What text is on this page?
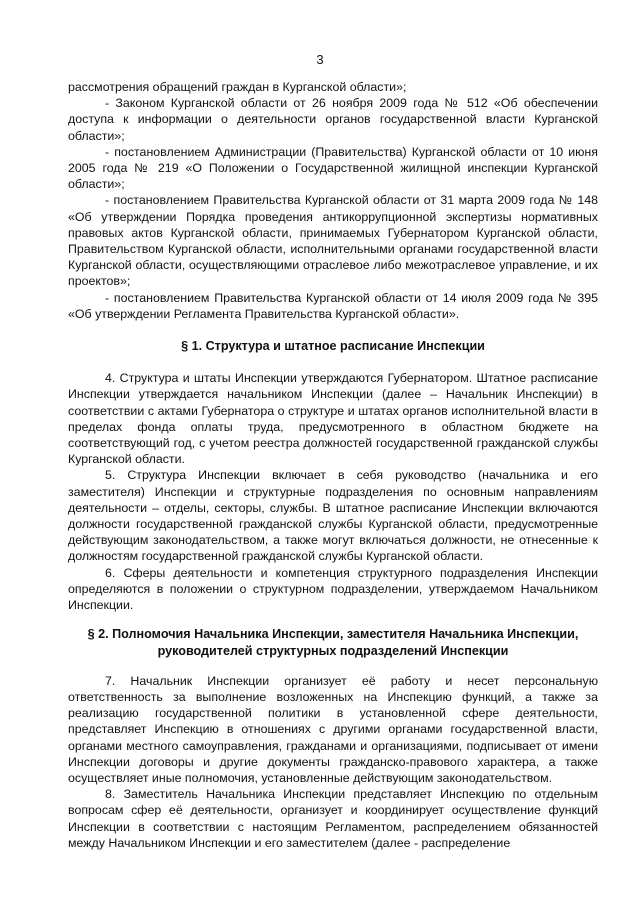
3

рассмотрения обращений граждан в Курганской области»;

- Законом Курганской области от 26 ноября 2009 года № 512 «Об обеспечении доступа к информации о деятельности органов государственной власти Курганской области»;

- постановлением Администрации (Правительства) Курганской области от 10 июня 2005 года № 219 «О Положении о Государственной жилищной инспекции Курганской области»;

- постановлением Правительства Курганской области от 31 марта 2009 года № 148 «Об утверждении Порядка проведения антикоррупционной экспертизы нормативных правовых актов Курганской области, принимаемых Губернатором Курганской области, Правительством Курганской области, исполнительными органами государственной власти Курганской области, осуществляющими отраслевое либо межотраслевое управление, и их проектов»;

- постановлением Правительства Курганской области от 14 июля 2009 года № 395 «Об утверждении Регламента Правительства Курганской области».

§ 1. Структура и штатное расписание Инспекции

4. Структура и штаты Инспекции утверждаются Губернатором. Штатное расписание Инспекции утверждается начальником Инспекции (далее – Начальник Инспекции) в соответствии с актами Губернатора о структуре и штатах органов исполнительной власти в пределах фонда оплаты труда, предусмотренного в областном бюджете на соответствующий год, с учетом реестра должностей государственной гражданской службы Курганской области.

5. Структура Инспекции включает в себя руководство (начальника и его заместителя) Инспекции и структурные подразделения по основным направлениям деятельности – отделы, секторы, службы. В штатное расписание Инспекции включаются должности государственной гражданской службы Курганской области, предусмотренные действующим законодательством, а также могут включаться должности, не отнесенные к должностям государственной гражданской службы Курганской области.

6. Сферы деятельности и компетенция структурного подразделения Инспекции определяются в положении о структурном подразделении, утверждаемом Начальником Инспекции.

§ 2. Полномочия Начальника Инспекции, заместителя Начальника Инспекции,
руководителей структурных подразделений Инспекции

7. Начальник Инспекции организует её работу и несет персональную ответственность за выполнение возложенных на Инспекцию функций, а также за реализацию государственной политики в установленной сфере деятельности, представляет Инспекцию в отношениях с другими органами государственной власти, органами местного самоуправления, гражданами и организациями, подписывает от имени Инспекции договоры и другие документы гражданско-правового характера, а также осуществляет иные полномочия, установленные действующим законодательством.

8. Заместитель Начальника Инспекции представляет Инспекцию по отдельным вопросам сфер её деятельности, организует и координирует осуществление функций Инспекции в соответствии с настоящим Регламентом, распределением обязанностей между Начальником Инспекции и его заместителем (далее - распределение
